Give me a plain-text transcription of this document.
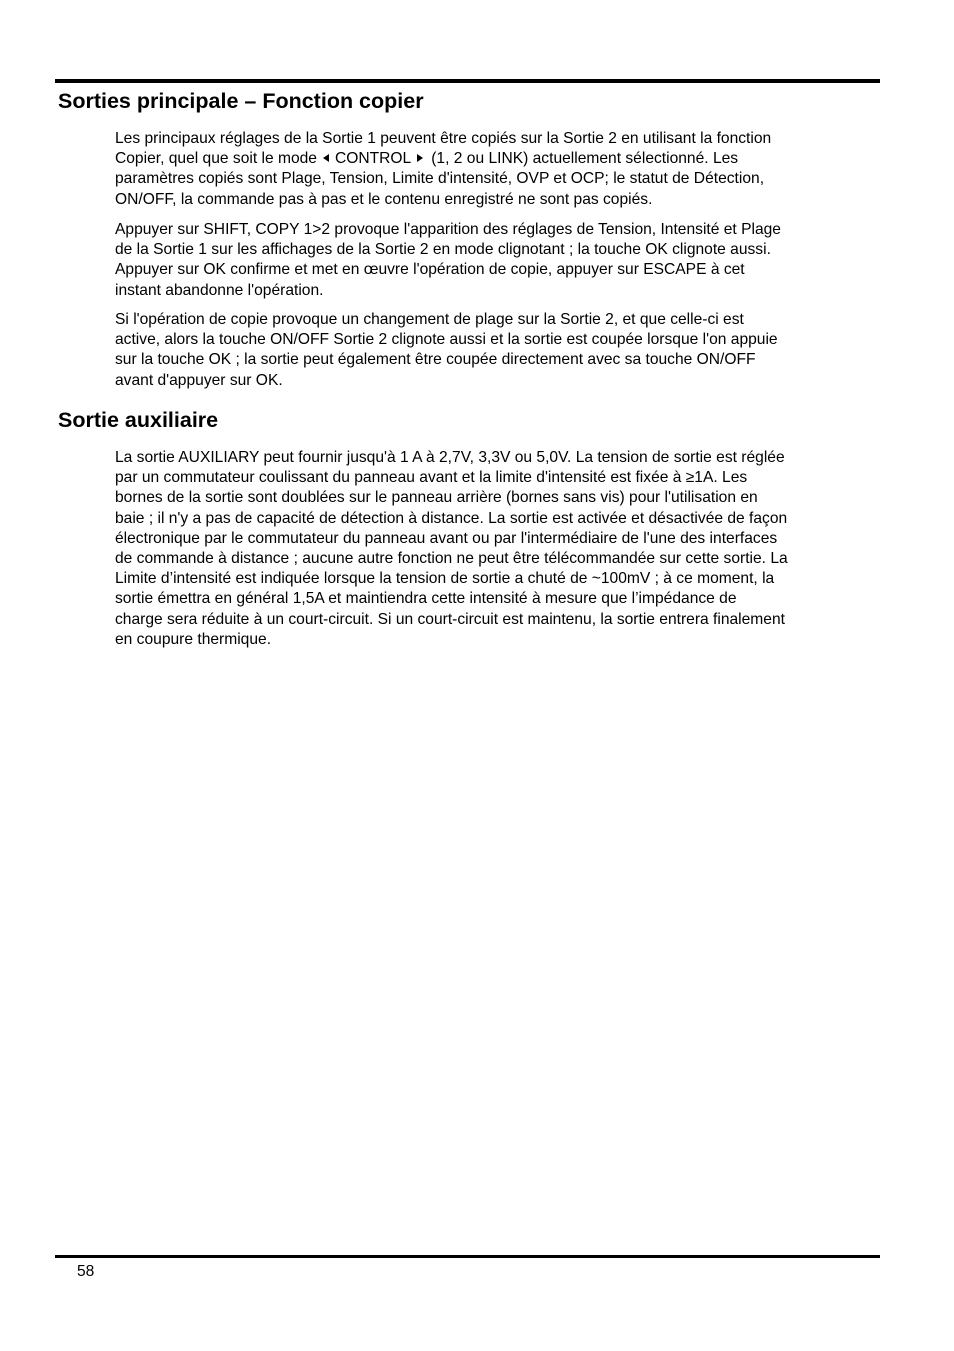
Sorties principale – Fonction copier

Les principaux réglages de la Sortie 1 peuvent être copiés sur la Sortie 2 en utilisant la fonction
Copier, quel que soit le mode CONTROL (1, 2 ou LINK) actuellement sélectionné. Les
paramètres copiés sont Plage, Tension, Limite d'intensité, OVP et OCP; le statut de Détection,
ON/OFF, la commande pas à pas et le contenu enregistré ne sont pas copiés.

Appuyer sur SHIFT, COPY 1>2 provoque l'apparition des réglages de Tension, Intensité et Plage
de la Sortie 1 sur les affichages de la Sortie 2 en mode clignotant ; la touche OK clignote aussi.
Appuyer sur OK confirme et met en œuvre l'opération de copie, appuyer sur ESCAPE à cet
instant abandonne l'opération.

Si l'opération de copie provoque un changement de plage sur la Sortie 2, et que celle-ci est
active, alors la touche ON/OFF Sortie 2 clignote aussi et la sortie est coupée lorsque l'on appuie
sur la touche OK ; la sortie peut également être coupée directement avec sa touche ON/OFF
avant d'appuyer sur OK.

Sortie auxiliaire

La sortie AUXILIARY peut fournir jusqu'à 1 A à 2,7V, 3,3V ou 5,0V. La tension de sortie est réglée
par un commutateur coulissant du panneau avant et la limite d'intensité est fixée à ≥1A. Les
bornes de la sortie sont doublées sur le panneau arrière (bornes sans vis) pour l'utilisation en
baie ; il n'y a pas de capacité de détection à distance. La sortie est activée et désactivée de façon
électronique par le commutateur du panneau avant ou par l'intermédiaire de l'une des interfaces
de commande à distance ; aucune autre fonction ne peut être télécommandée sur cette sortie. La
Limite d’intensité est indiquée lorsque la tension de sortie a chuté de ~100mV ; à ce moment, la
sortie émettra en général 1,5A et maintiendra cette intensité à mesure que l’impédance de
charge sera réduite à un court-circuit. Si un court-circuit est maintenu, la sortie entrera finalement
en coupure thermique.

58
